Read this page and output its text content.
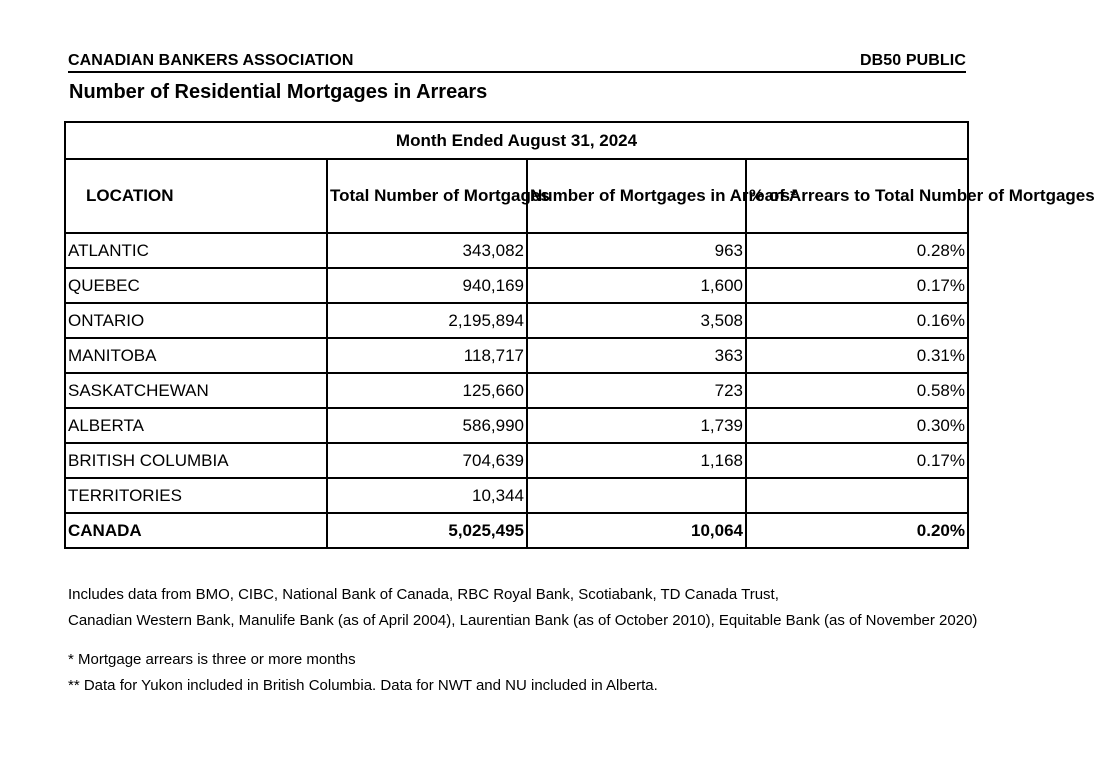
CANADIAN BANKERS ASSOCIATION	DB50 PUBLIC
Number of Residential Mortgages in Arrears
Month Ended August 31, 2024			
LOCATION	Total Number of Mortgages	Number of Mortgages in Arrears*	% of Arrears to Total Number of Mortgages
ATLANTIC	343,082	963	0.28%
QUEBEC	940,169	1,600	0.17%
ONTARIO	2,195,894	3,508	0.16%
MANITOBA	118,717	363	0.31%
SASKATCHEWAN	125,660	723	0.58%
ALBERTA	586,990	1,739	0.30%
BRITISH COLUMBIA	704,639	1,168	0.17%
TERRITORIES	10,344		
CANADA	5,025,495	10,064	0.20%
Includes data from BMO, CIBC, National Bank of Canada, RBC Royal Bank, Scotiabank, TD Canada Trust,
Canadian Western Bank, Manulife Bank (as of April 2004), Laurentian Bank (as of October 2010), Equitable Bank (as of November 2020)
* Mortgage arrears is three or more months
** Data for Yukon included in British Columbia. Data for NWT and NU included in Alberta.
